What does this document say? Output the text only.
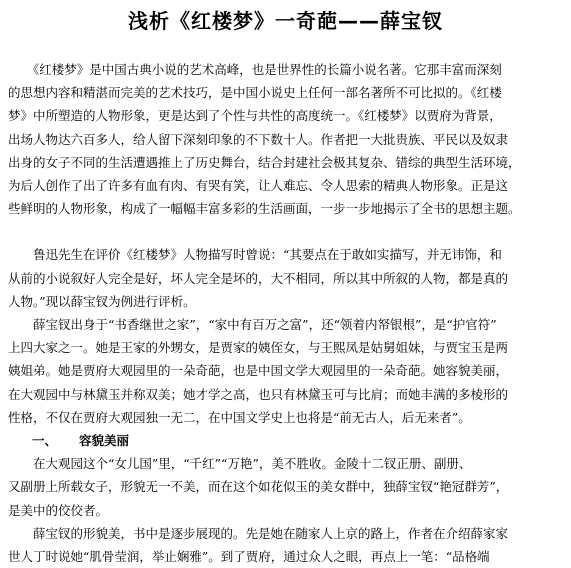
浅析《红楼梦》一奇葩——薛宝钗

　　《红楼梦》是中国古典小说的艺术高峰，也是世界性的长篇小说名著。它那丰富而深刻
的思想内容和精湛而完美的艺术技巧，是中国小说史上任何一部名著所不可比拟的。《红楼
梦》中所塑造的人物形象，更是达到了个性与共性的高度统一。《红楼梦》以贾府为背景，
出场人物达六百多人，给人留下深刻印象的不下数十人。作者把一大批贵族、平民以及奴隶
出身的女子不同的生活遭遇推上了历史舞台，结合封建社会极其复杂、错综的典型生活环境，
为后人创作了出了许多有血有肉、有哭有笑，让人难忘、令人思索的精典人物形象。正是这
些鲜明的人物形象，构成了一幅幅丰富多彩的生活画面，一步一步地揭示了全书的思想主题。

　　鲁迅先生在评价《红楼梦》人物描写时曾说：“其要点在于敢如实描写，并无讳饰，和
从前的小说叙好人完全是好，坏人完全是坏的，大不相同，所以其中所叙的人物，都是真的
人物。”现以薛宝钗为例进行评析。

　　薛宝钗出身于“书香继世之家”，“家中有百万之富”，还“领着内帑银根”，是“护官符”
上四大家之一。她是王家的外甥女，是贾家的姨侄女，与王熙凤是姑舅姐妹，与贾宝玉是两
姨姐弟。她是贾府大观园里的一朵奇葩，也是中国文学大观园里的一朵奇葩。她容貌美丽，
在大观园中与林黛玉并称双美；她才学之高，也只有林黛玉可与比肩；而她丰满的多棱形的
性格，不仅在贾府大观园独一无二，在中国文学史上也将是“前无古人，后无来者”。

一、 容貌美丽

　　在大观园这个“女儿国”里，“千红”“万艳”，美不胜收。金陵十二钗正册、副册、
又副册上所载女子，形貌无一不美，而在这个如花似玉的美女群中，独薛宝钗“艳冠群芳”，
是美中的佼佼者。

　　薛宝钗的形貌美，书中是逐步展现的。先是她在随家人上京的路上，作者在介绍薛家家
世人丁时说她“肌骨莹润，举止娴雅”。到了贾府，通过众人之眼，再点上一笔：“品格端
